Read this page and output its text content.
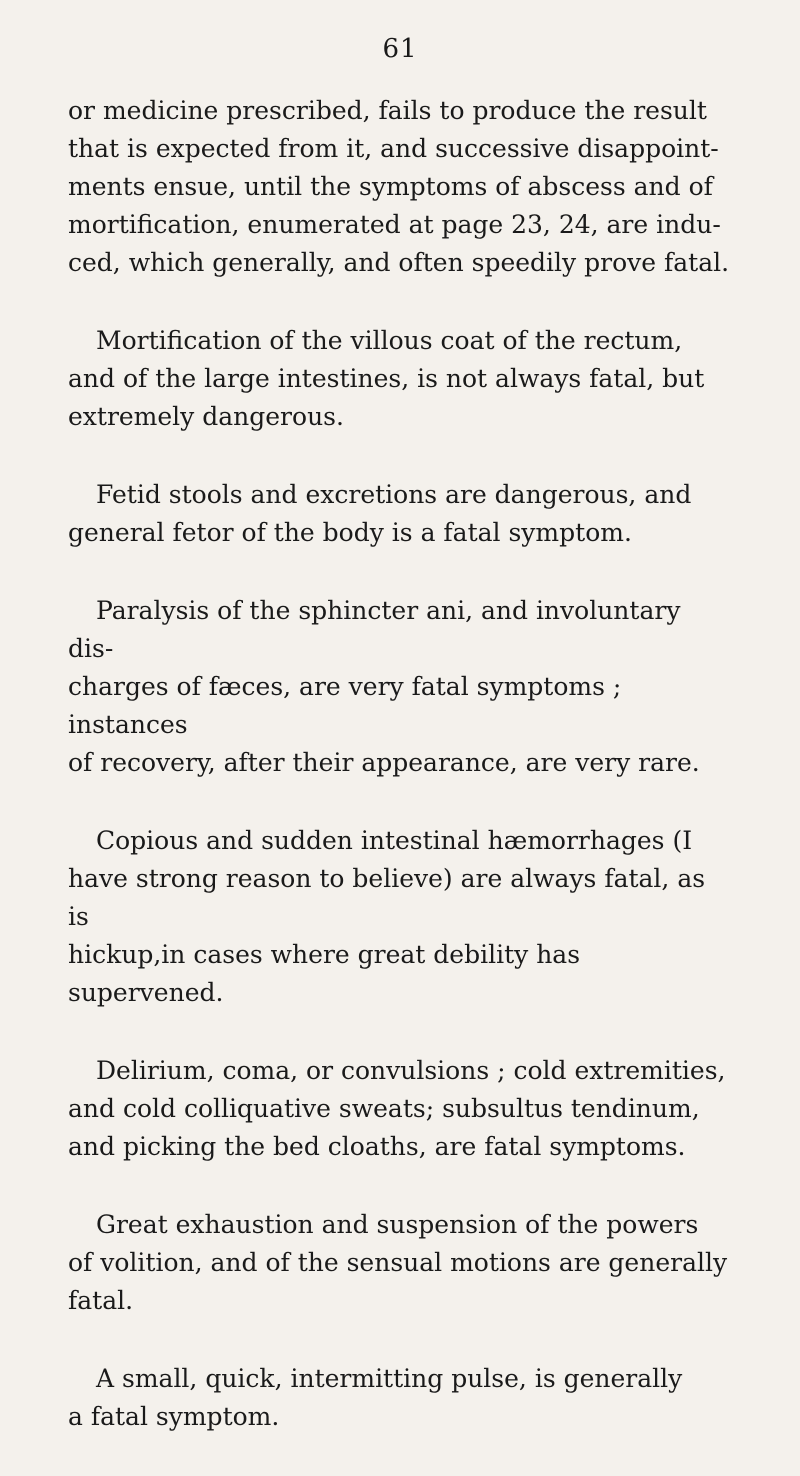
61

or medicine prescribed, fails to produce the result
that is expected from it, and successive disappoint-
ments ensue, until the symptoms of abscess and of
mortification, enumerated at page 23, 24, are indu-
ced, which generally, and often speedily prove fatal.

Mortification of the villous coat of the rectum,
and of the large intestines, is not always fatal, but
extremely dangerous.

Fetid stools and excretions are dangerous, and
general fetor of the body is a fatal symptom.

Paralysis of the sphincter ani, and involuntary dis-
charges of fæces, are very fatal symptoms ; instances
of recovery, after their appearance, are very rare.

Copious and sudden intestinal hæmorrhages (I
have strong reason to believe) are always fatal, as is
hickup,in cases where great debility has supervened.

Delirium, coma, or convulsions ; cold extremities,
and cold colliquative sweats; subsultus tendinum,
and picking the bed cloaths, are fatal symptoms.

Great exhaustion and suspension of the powers
of volition, and of the sensual motions are generally
fatal.

A small, quick, intermitting pulse, is generally
a fatal symptom.
